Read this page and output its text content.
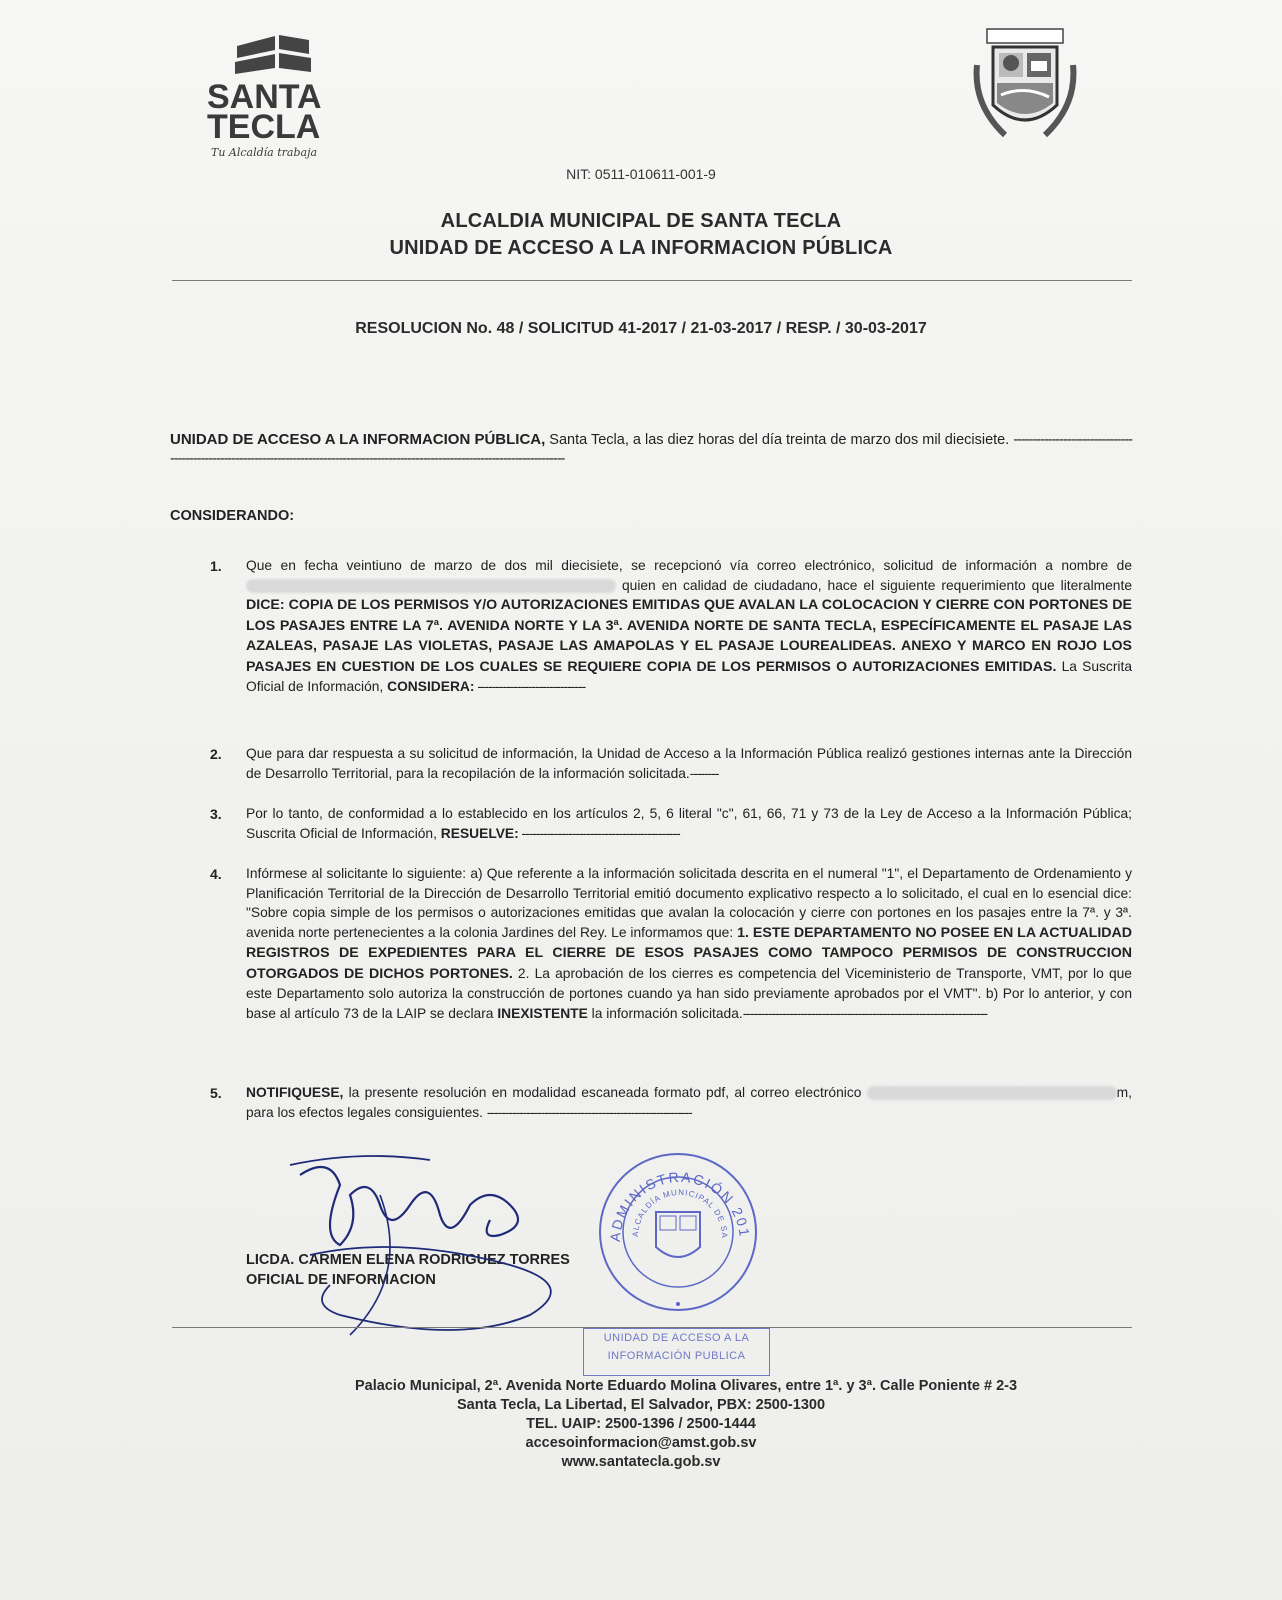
SANTA
TECLA
Tu Alcaldía trabaja
NIT: 0511-010611-001-9
ALCALDIA MUNICIPAL DE SANTA TECLA
UNIDAD DE ACCESO A LA INFORMACION PÚBLICA
RESOLUCION No. 48 / SOLICITUD 41-2017 / 21-03-2017 / RESP. / 30-03-2017
UNIDAD DE ACCESO A LA INFORMACION PÚBLICA, Santa Tecla, a las diez horas del día treinta de marzo dos mil diecisiete. --------------------------------------------------------------------------------------------------------------------------------------
CONSIDERANDO:
1. Que en fecha veintiuno de marzo de dos mil diecisiete, se recepcionó vía correo electrónico, solicitud de información a nombre de  quien en calidad de ciudadano, hace el siguiente requerimiento que literalmente DICE: COPIA DE LOS PERMISOS Y/O AUTORIZACIONES EMITIDAS QUE AVALAN LA COLOCACION Y CIERRE CON PORTONES DE LOS PASAJES ENTRE LA 7ª. AVENIDA NORTE Y LA 3ª. AVENIDA NORTE DE SANTA TECLA, ESPECÍFICAMENTE EL PASAJE LAS AZALEAS, PASAJE LAS VIOLETAS, PASAJE LAS AMAPOLAS Y EL PASAJE LOUREALIDEAS. ANEXO Y MARCO EN ROJO LOS PASAJES EN CUESTION DE LOS CUALES SE REQUIERE COPIA DE LOS PERMISOS O AUTORIZACIONES EMITIDAS. La Suscrita Oficial de Información, CONSIDERA: ------------------------------
2. Que para dar respuesta a su solicitud de información, la Unidad de Acceso a la Información Pública realizó gestiones internas ante la Dirección de Desarrollo Territorial, para la recopilación de la información solicitada.--------
3. Por lo tanto, de conformidad a lo establecido en los artículos 2, 5, 6 literal "c", 61, 66, 71 y 73 de la Ley de Acceso a la Información Pública; Suscrita Oficial de Información, RESUELVE: --------------------------------------------
4. Infórmese al solicitante lo siguiente: a) Que referente a la información solicitada descrita en el numeral "1", el Departamento de Ordenamiento y Planificación Territorial de la Dirección de Desarrollo Territorial emitió documento explicativo respecto a lo solicitado, el cual en lo esencial dice: "Sobre copia simple de los permisos o autorizaciones emitidas que avalan la colocación y cierre con portones en los pasajes entre la 7ª. y 3ª. avenida norte pertenecientes a la colonia Jardines del Rey. Le informamos que: 1. ESTE DEPARTAMENTO NO POSEE EN LA ACTUALIDAD REGISTROS DE EXPEDIENTES PARA EL CIERRE DE ESOS PASAJES COMO TAMPOCO PERMISOS DE CONSTRUCCION OTORGADOS DE DICHOS PORTONES. 2. La aprobación de los cierres es competencia del Viceministerio de Transporte, VMT, por lo que este Departamento solo autoriza la construcción de portones cuando ya han sido previamente aprobados por el VMT". b) Por lo anterior, y con base al artículo 73 de la LAIP se declara INEXISTENTE la información solicitada.--------------------------------------------------------------------
5. NOTIFIQUESE, la presente resolución en modalidad escaneada formato pdf, al correo electrónico	m, para los efectos legales consiguientes. ---------------------------------------------------------
LICDA. CARMEN ELENA RODRIGUEZ TORRES
OFICIAL DE INFORMACION
ADMINISTRACIÓN 201
ALCALDÍA MUNICIPAL DE SA
UNIDAD DE ACCESO A LA
INFORMACIÓN PUBLICA
Palacio Municipal, 2ª. Avenida Norte Eduardo Molina Olivares, entre 1ª. y 3ª. Calle Poniente # 2-3
Santa Tecla, La Libertad, El Salvador, PBX: 2500-1300
TEL. UAIP: 2500-1396 / 2500-1444
accesoinformacion@amst.gob.sv
www.santatecla.gob.sv
